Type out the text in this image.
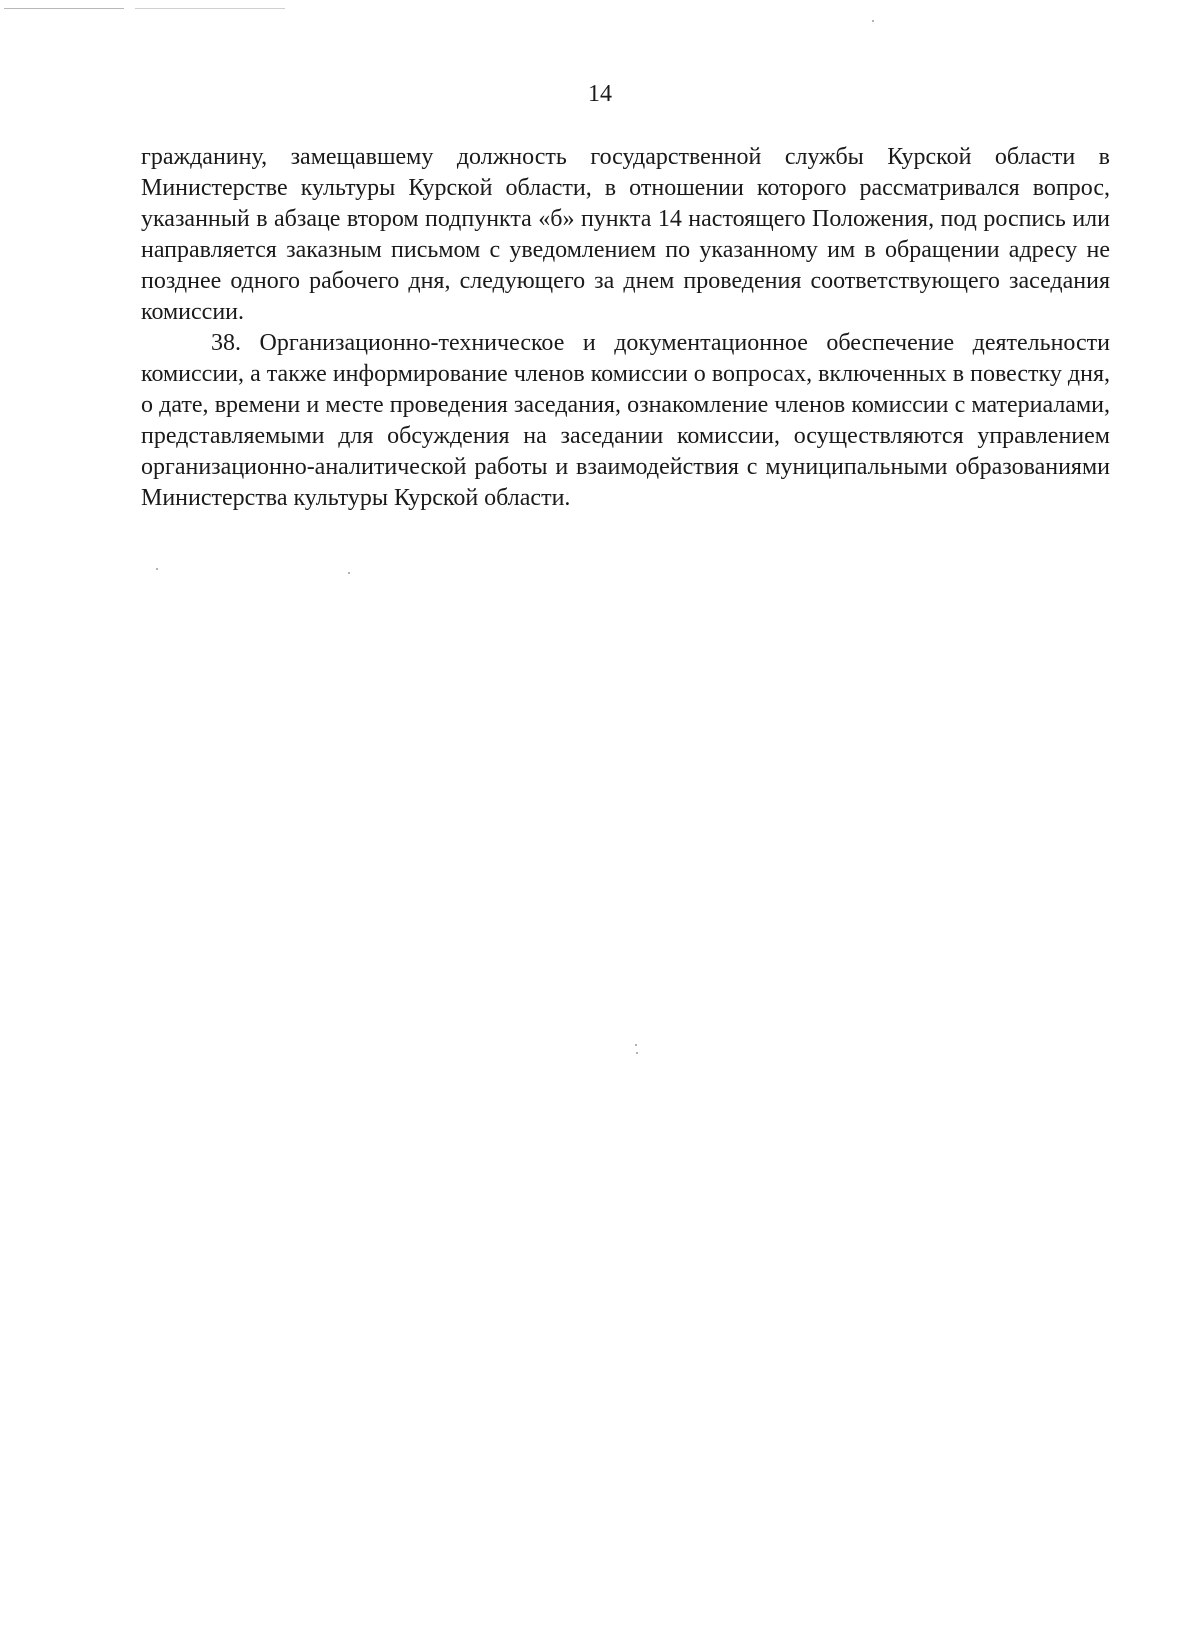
14

гражданину, замещавшему должность государственной службы Курской области в Министерстве культуры Курской области, в отношении которого рассматривался вопрос, указанный в абзаце втором подпункта «б» пункта 14 настоящего Положения, под роспись или направляется заказным письмом с уведомлением по указанному им в обращении адресу не позднее одного рабочего дня, следующего за днем проведения соответствующего заседания комиссии.

38. Организационно-техническое и документационное обеспечение деятельности комиссии, а также информирование членов комиссии о вопросах, включенных в повестку дня, о дате, времени и месте проведения заседания, ознакомление членов комиссии с материалами, представляемыми для обсуждения на заседании комиссии, осуществляются управлением организационно-аналитической работы и взаимодействия с муниципальными образованиями Министерства культуры Курской области.
